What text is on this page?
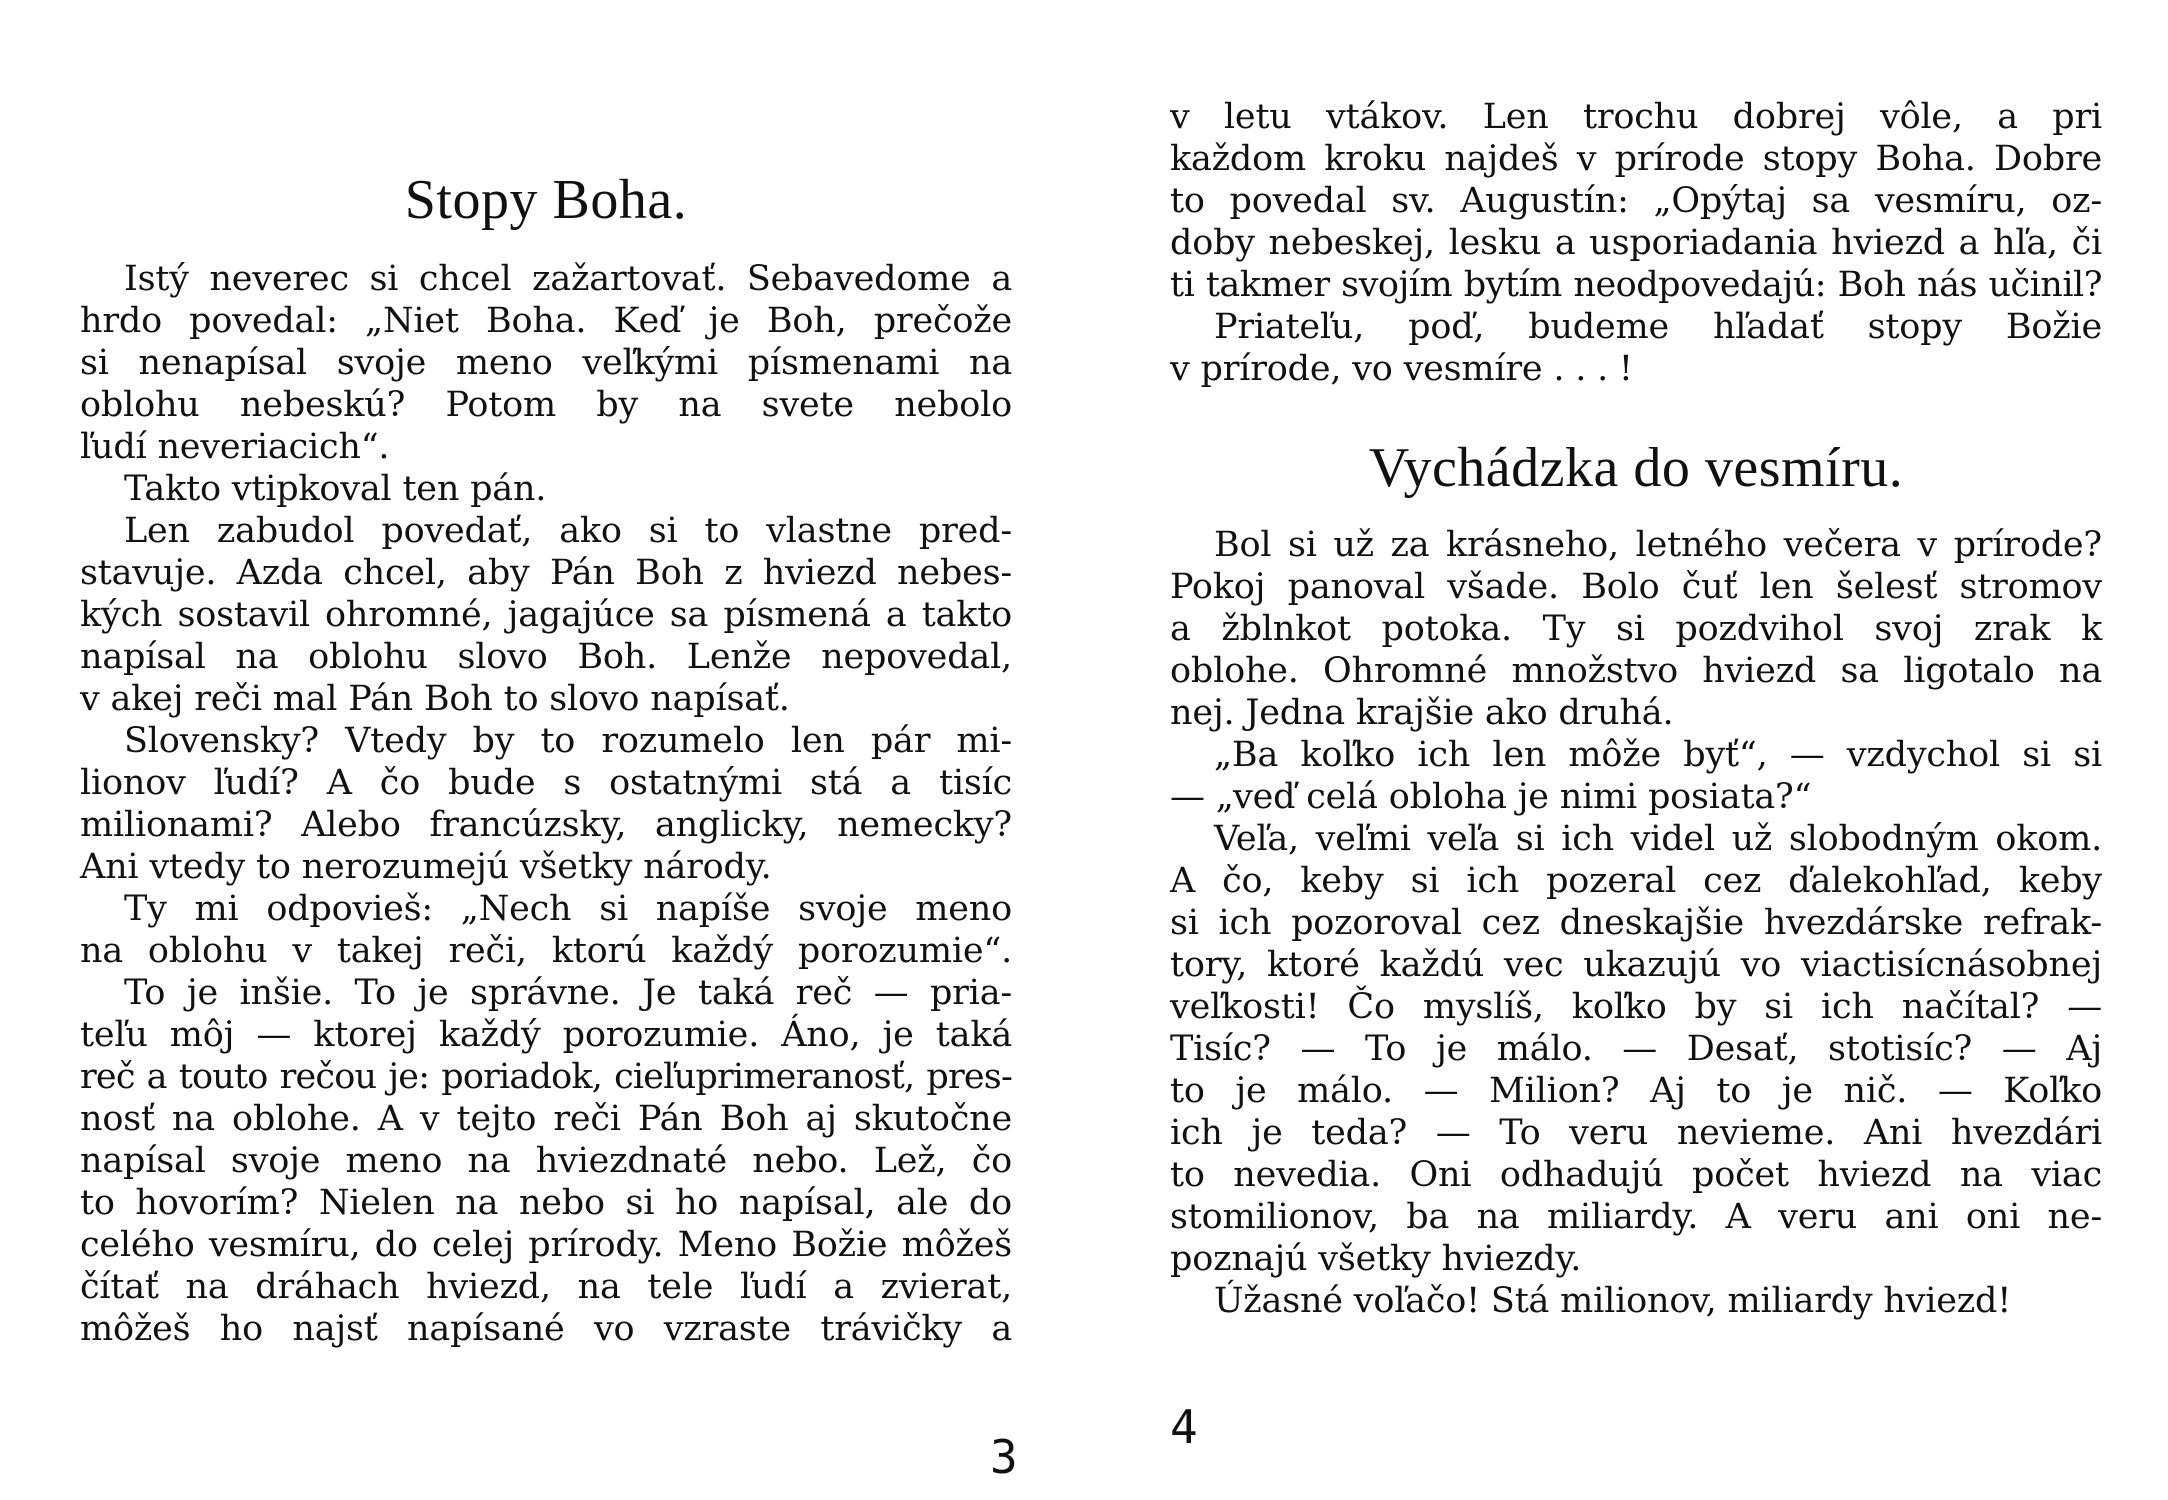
Stopy Boha.
Istý neverec si chcel zažartovať. Sebavedome a
hrdo povedal: „Niet Boha. Keď je Boh, prečože
si nenapísal svoje meno veľkými písmenami na
oblohu nebeskú? Potom by na svete nebolo
ľudí neveriacich“.
Takto vtipkoval ten pán.
Len zabudol povedať, ako si to vlastne pred-
stavuje. Azda chcel, aby Pán Boh z hviezd nebes-
kých sostavil ohromné, jagajúce sa písmená a takto
napísal na oblohu slovo Boh. Lenže nepovedal,
v akej reči mal Pán Boh to slovo napísať.
Slovensky? Vtedy by to rozumelo len pár mi-
lionov ľudí? A čo bude s ostatnými stá a tisíc
milionami? Alebo francúzsky, anglicky, nemecky?
Ani vtedy to nerozumejú všetky národy.
Ty mi odpovieš: „Nech si napíše svoje meno
na oblohu v takej reči, ktorú každý porozumie“.
To je inšie. To je správne. Je taká reč — pria-
teľu môj — ktorej každý porozumie. Áno, je taká
reč a touto rečou je: poriadok, cieľuprimeranosť, pres-
nosť na oblohe. A v tejto reči Pán Boh aj skutočne
napísal svoje meno na hviezdnaté nebo. Lež, čo
to hovorím? Nielen na nebo si ho napísal, ale do
celého vesmíru, do celej prírody. Meno Božie môžeš
čítať na dráhach hviezd, na tele ľudí a zvierat,
môžeš ho najsť napísané vo vzraste trávičky a
3
v letu vtákov. Len trochu dobrej vôle, a pri
každom kroku najdeš v prírode stopy Boha. Dobre
to povedal sv. Augustín: „Opýtaj sa vesmíru, oz-
doby nebeskej, lesku a usporiadania hviezd a hľa, či
ti takmer svojím bytím neodpovedajú: Boh nás učinil?
Priateľu, poď, budeme hľadať stopy Božie
v prírode, vo vesmíre . . . !
Vychádzka do vesmíru.
Bol si už za krásneho, letného večera v prírode?
Pokoj panoval všade. Bolo čuť len šelesť stromov
a žblnkot potoka. Ty si pozdvihol svoj zrak k
oblohe. Ohromné množstvo hviezd sa ligotalo na
nej. Jedna krajšie ako druhá.
„Ba koľko ich len môže byť“, — vzdychol si si
— „veď celá obloha je nimi posiata?“
Veľa, veľmi veľa si ich videl už slobodným okom.
A čo, keby si ich pozeral cez ďalekohľad, keby
si ich pozoroval cez dneskajšie hvezdárske refrak-
tory, ktoré každú vec ukazujú vo viactisícnásobnej
veľkosti! Čo myslíš, koľko by si ich načítal? —
Tisíc? — To je málo. — Desať, stotisíc? — Aj
to je málo. — Milion? Aj to je nič. — Koľko
ich je teda? — To veru nevieme. Ani hvezdári
to nevedia. Oni odhadujú počet hviezd na viac
stomilionov, ba na miliardy. A veru ani oni ne-
poznajú všetky hviezdy.
Úžasné voľačo! Stá milionov, miliardy hviezd!
4
